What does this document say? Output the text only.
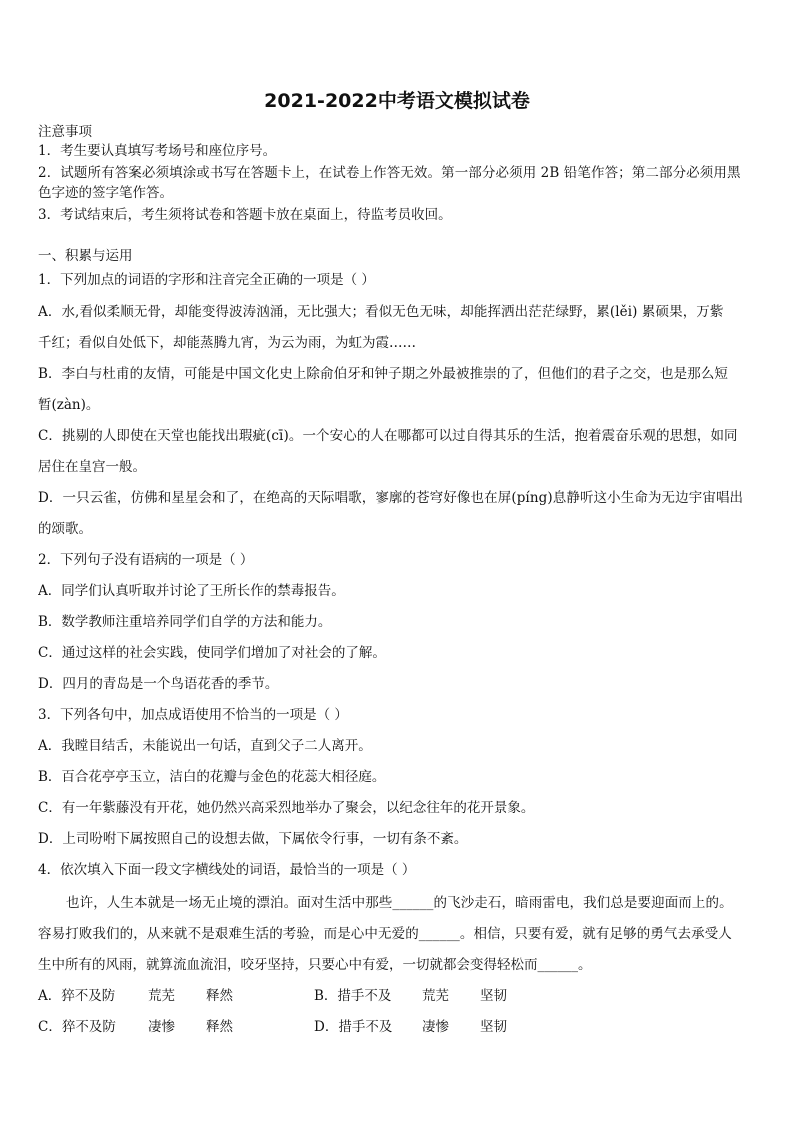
2021-2022中考语文模拟试卷
注意事项
1．考生要认真填写考场号和座位序号。
2．试题所有答案必须填涂或书写在答题卡上，在试卷上作答无效。第一部分必须用 2B 铅笔作答；第二部分必须用黑
色字迹的签字笔作答。
3．考试结束后，考生须将试卷和答题卡放在桌面上，待监考员收回。
一、积累与运用
1．下列加点的词语的字形和注音完全正确的一项是（ ）
A．水,看似柔顺无骨，却能变得波涛汹涌，无比强大；看似无色无味，却能挥洒出茫茫绿野，累(lěi) 累硕果，万紫
千红；看似自处低下，却能蒸腾九宵，为云为雨，为虹为霞……
B．李白与杜甫的友情，可能是中国文化史上除俞伯牙和钟子期之外最被推崇的了，但他们的君子之交，也是那么短
暂(zàn)。
C．挑剔的人即使在天堂也能找出瑕疵(cī)。一个安心的人在哪都可以过自得其乐的生活，抱着震奋乐观的思想，如同
居住在皇宫一般。
D．一只云雀，仿佛和星星会和了，在绝高的天际唱歌，寥廓的苍穹好像也在屏(píng)息静听这小生命为无边宇宙唱出
的颂歌。
2．下列句子没有语病的一项是（ ）
A．同学们认真听取并讨论了王所长作的禁毒报告。
B．数学教师注重培养同学们自学的方法和能力。
C．通过这样的社会实践，使同学们增加了对社会的了解。
D．四月的青岛是一个鸟语花香的季节。
3．下列各句中，加点成语使用不恰当的一项是（ ）
A．我瞠目结舌，未能说出一句话，直到父子二人离开。
B．百合花亭亭玉立，洁白的花瓣与金色的花蕊大相径庭。
C．有一年紫藤没有开花，她仍然兴高采烈地举办了聚会，以纪念往年的花开景象。
D．上司吩咐下属按照自己的设想去做，下属依令行事，一切有条不紊。
4．依次填入下面一段文字横线处的词语，最恰当的一项是（ ）
也许，人生本就是一场无止境的漂泊。面对生活中那些______的飞沙走石，暗雨雷电，我们总是要迎面而上的。
容易打败我们的，从来就不是艰难生活的考验，而是心中无爱的______。相信，只要有爱，就有足够的勇气去承受人
生中所有的风雨，就算流血流泪，咬牙坚持，只要心中有爱，一切就都会变得轻松而______。
A．猝不及防 荒芜 释然	B．措手不及 荒芜 坚韧
C．猝不及防 凄惨 释然	D．措手不及 凄惨 坚韧
